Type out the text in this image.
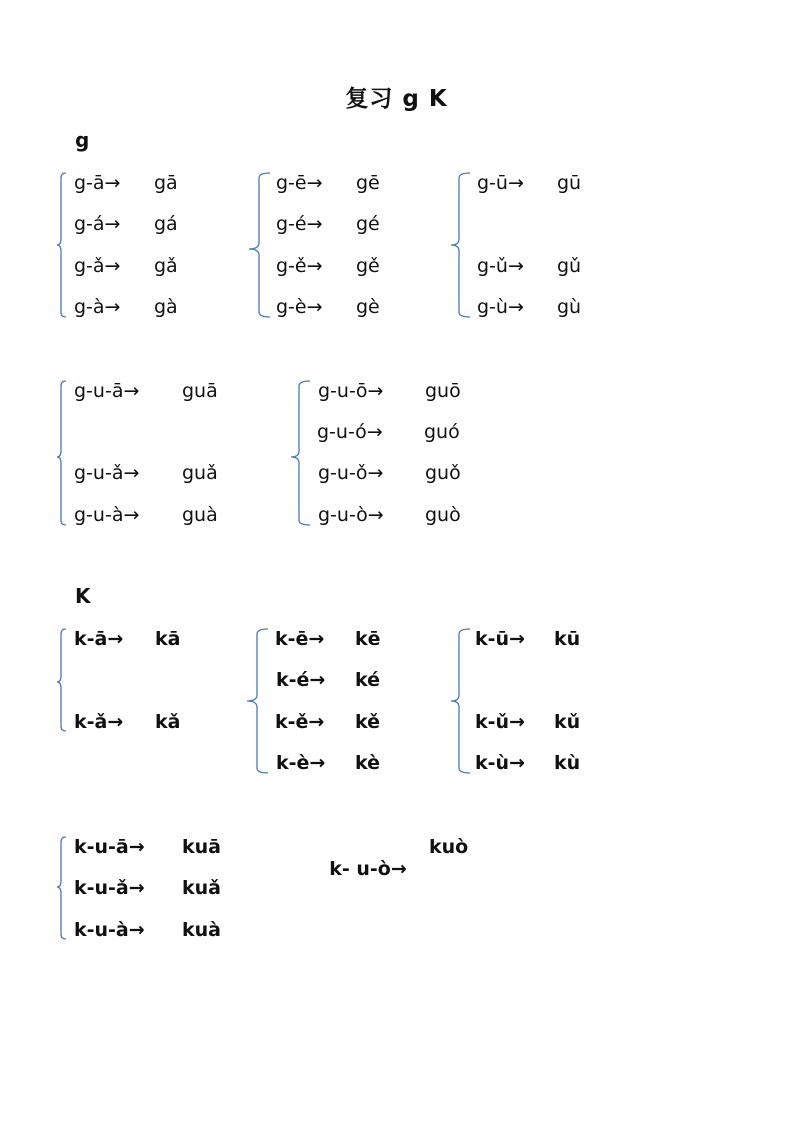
复习 g K
g
g-ā→ gā
g-á→ gá
g-ǎ→ gǎ
g-à→ gà
g-ē→ gē
g-é→ gé
g-ě→ gě
g-è→ gè
g-ū→ gū
g-ǔ→ gǔ
g-ù→ gù
g-u-ā→ guā
g-u-ǎ→ guǎ
g-u-à→ guà
g-u-ō→ guō
g-u-ó→ guó
g-u-ǒ→ guǒ
g-u-ò→ guò
K
k-ā→ kā
k-ǎ→ kǎ
k-ē→ kē
k-é→ ké
k-ě→ kě
k-è→ kè
k-ū→ kū
k-ǔ→ kǔ
k-ù→ kù
k-u-ā→ kuā
k-u-ǎ→ kuǎ
k-u-à→ kuà

k- u-ò→
kuò
